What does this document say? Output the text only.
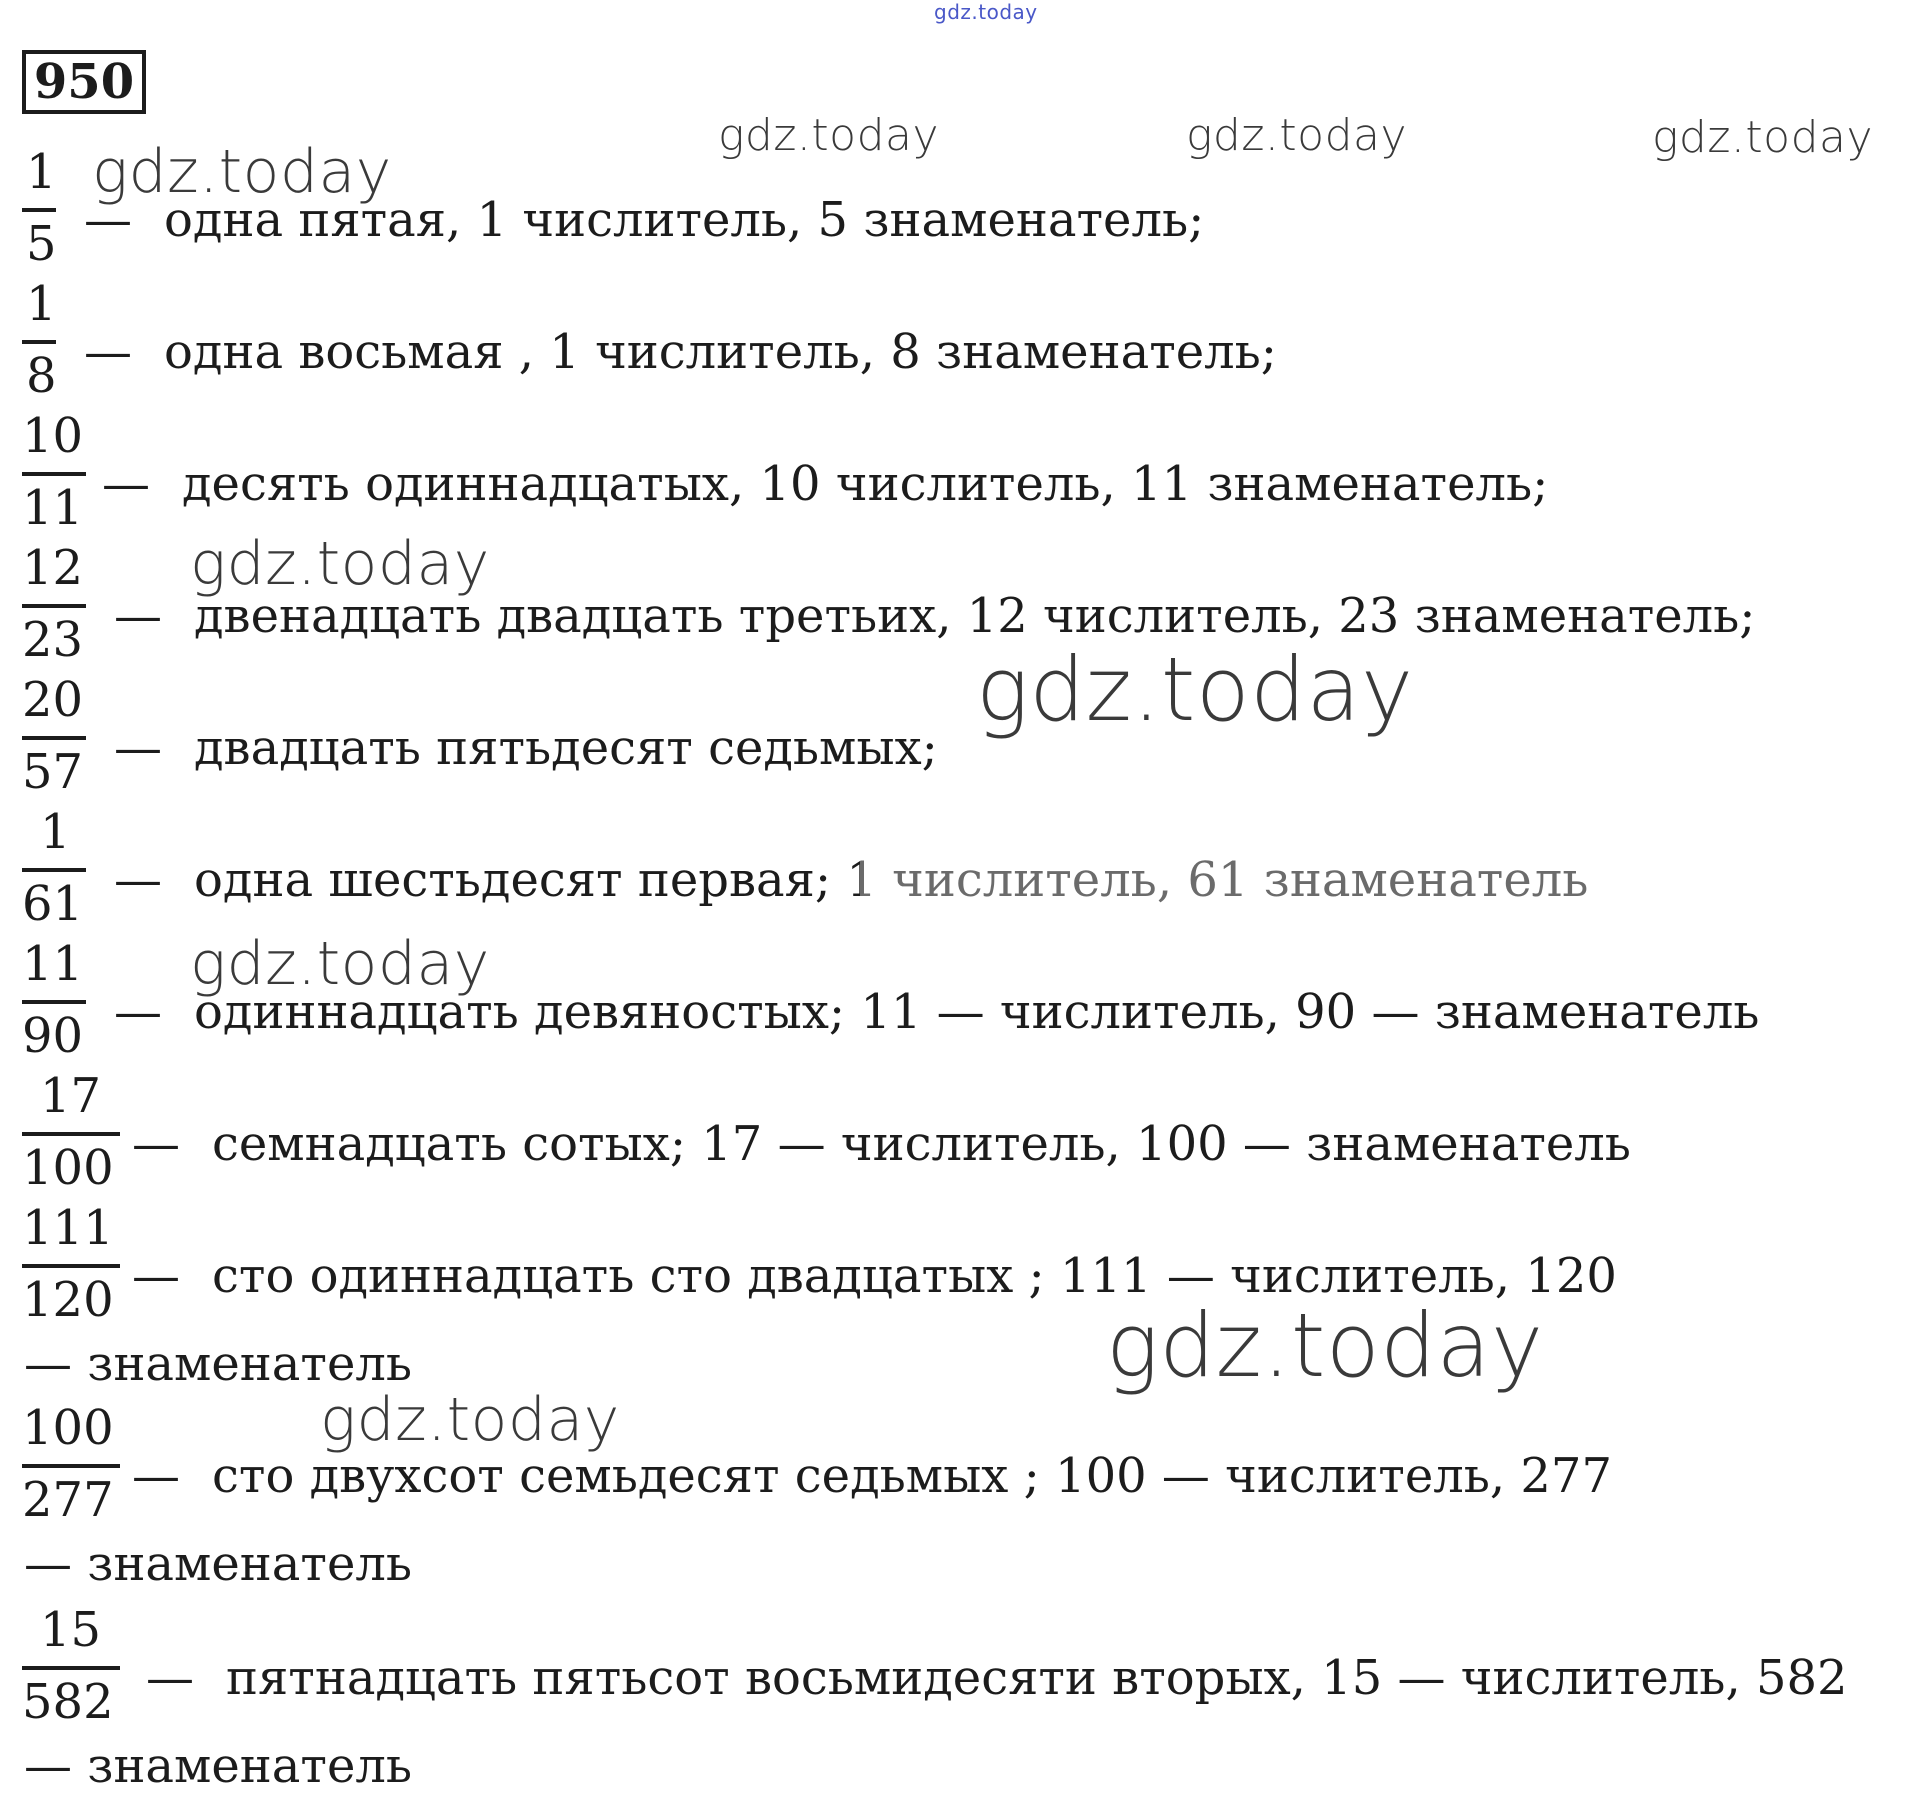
gdz.today
gdz.today	gdz.today	gdz.today
gdz.today
gdz.today
gdz.today
gdz.today
gdz.today
gdz.today
950
1
5 — одна пятая, 1 числитель, 5 знаменатель;
1
8 — одна восьмая , 1 числитель, 8 знаменатель;
10
11 — десять одиннадцатых, 10 числитель, 11 знаменатель;
12
23 — двенадцать двадцать третьих, 12 числитель, 23 знаменатель;
20
57 — двадцать пятьдесят седьмых;
1
61 — одна шестьдесят первая; 1 числитель, 61 знаменатель
11
90 — одиннадцать девяностых; 11 — числитель, 90 — знаменатель
17
100 — семнадцать сотых; 17 — числитель, 100 — знаменатель
111
120 — сто одиннадцать сто двадцатых ; 111 — числитель, 120
— знаменатель
100
277 — сто двухсот семьдесят седьмых ; 100 — числитель, 277
— знаменатель
15
582 — пятнадцать пятьсот восьмидесяти вторых, 15 — числитель, 582
— знаменатель
